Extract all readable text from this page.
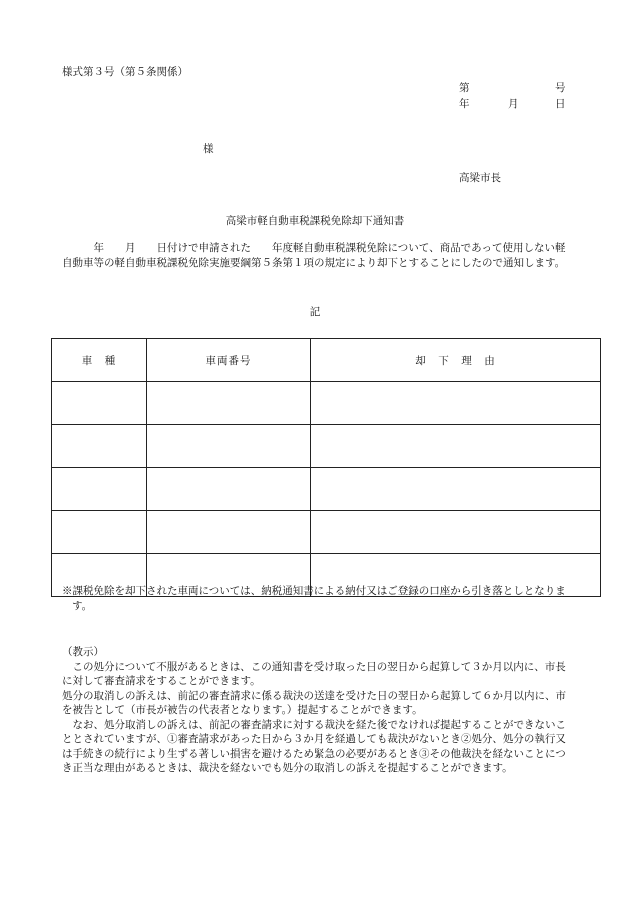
様式第３号（第５条関係）
第	号
年	月	日
様
高梁市長
高梁市軽自動車税課税免除却下通知書
　　　年　　月　　日付けで申請された　　年度軽自動車税課税免除について、商品であって使用しない軽自動車等の軽自動車税課税免除実施要綱第５条第１項の規定により却下とすることにしたので通知します。
記
車　種	車両番号	却　下　理　由

※課税免除を却下された車両については、納税通知書による納付又はご登録の口座から引き落としとなります。

（教示）

　この処分について不服があるときは、この通知書を受け取った日の翌日から起算して３か月以内に、市長に対して審査請求をすることができます。

処分の取消しの訴えは、前記の審査請求に係る裁決の送達を受けた日の翌日から起算して６か月以内に、市を被告として（市長が被告の代表者となります。）提起することができます。

　なお、処分取消しの訴えは、前記の審査請求に対する裁決を経た後でなければ提起することができないこととされていますが、①審査請求があった日から３か月を経過しても裁決がないとき②処分、処分の執行又は手続きの続行により生ずる著しい損害を避けるため緊急の必要があるとき③その他裁決を経ないことにつき正当な理由があるときは、裁決を経ないでも処分の取消しの訴えを提起することができます。
